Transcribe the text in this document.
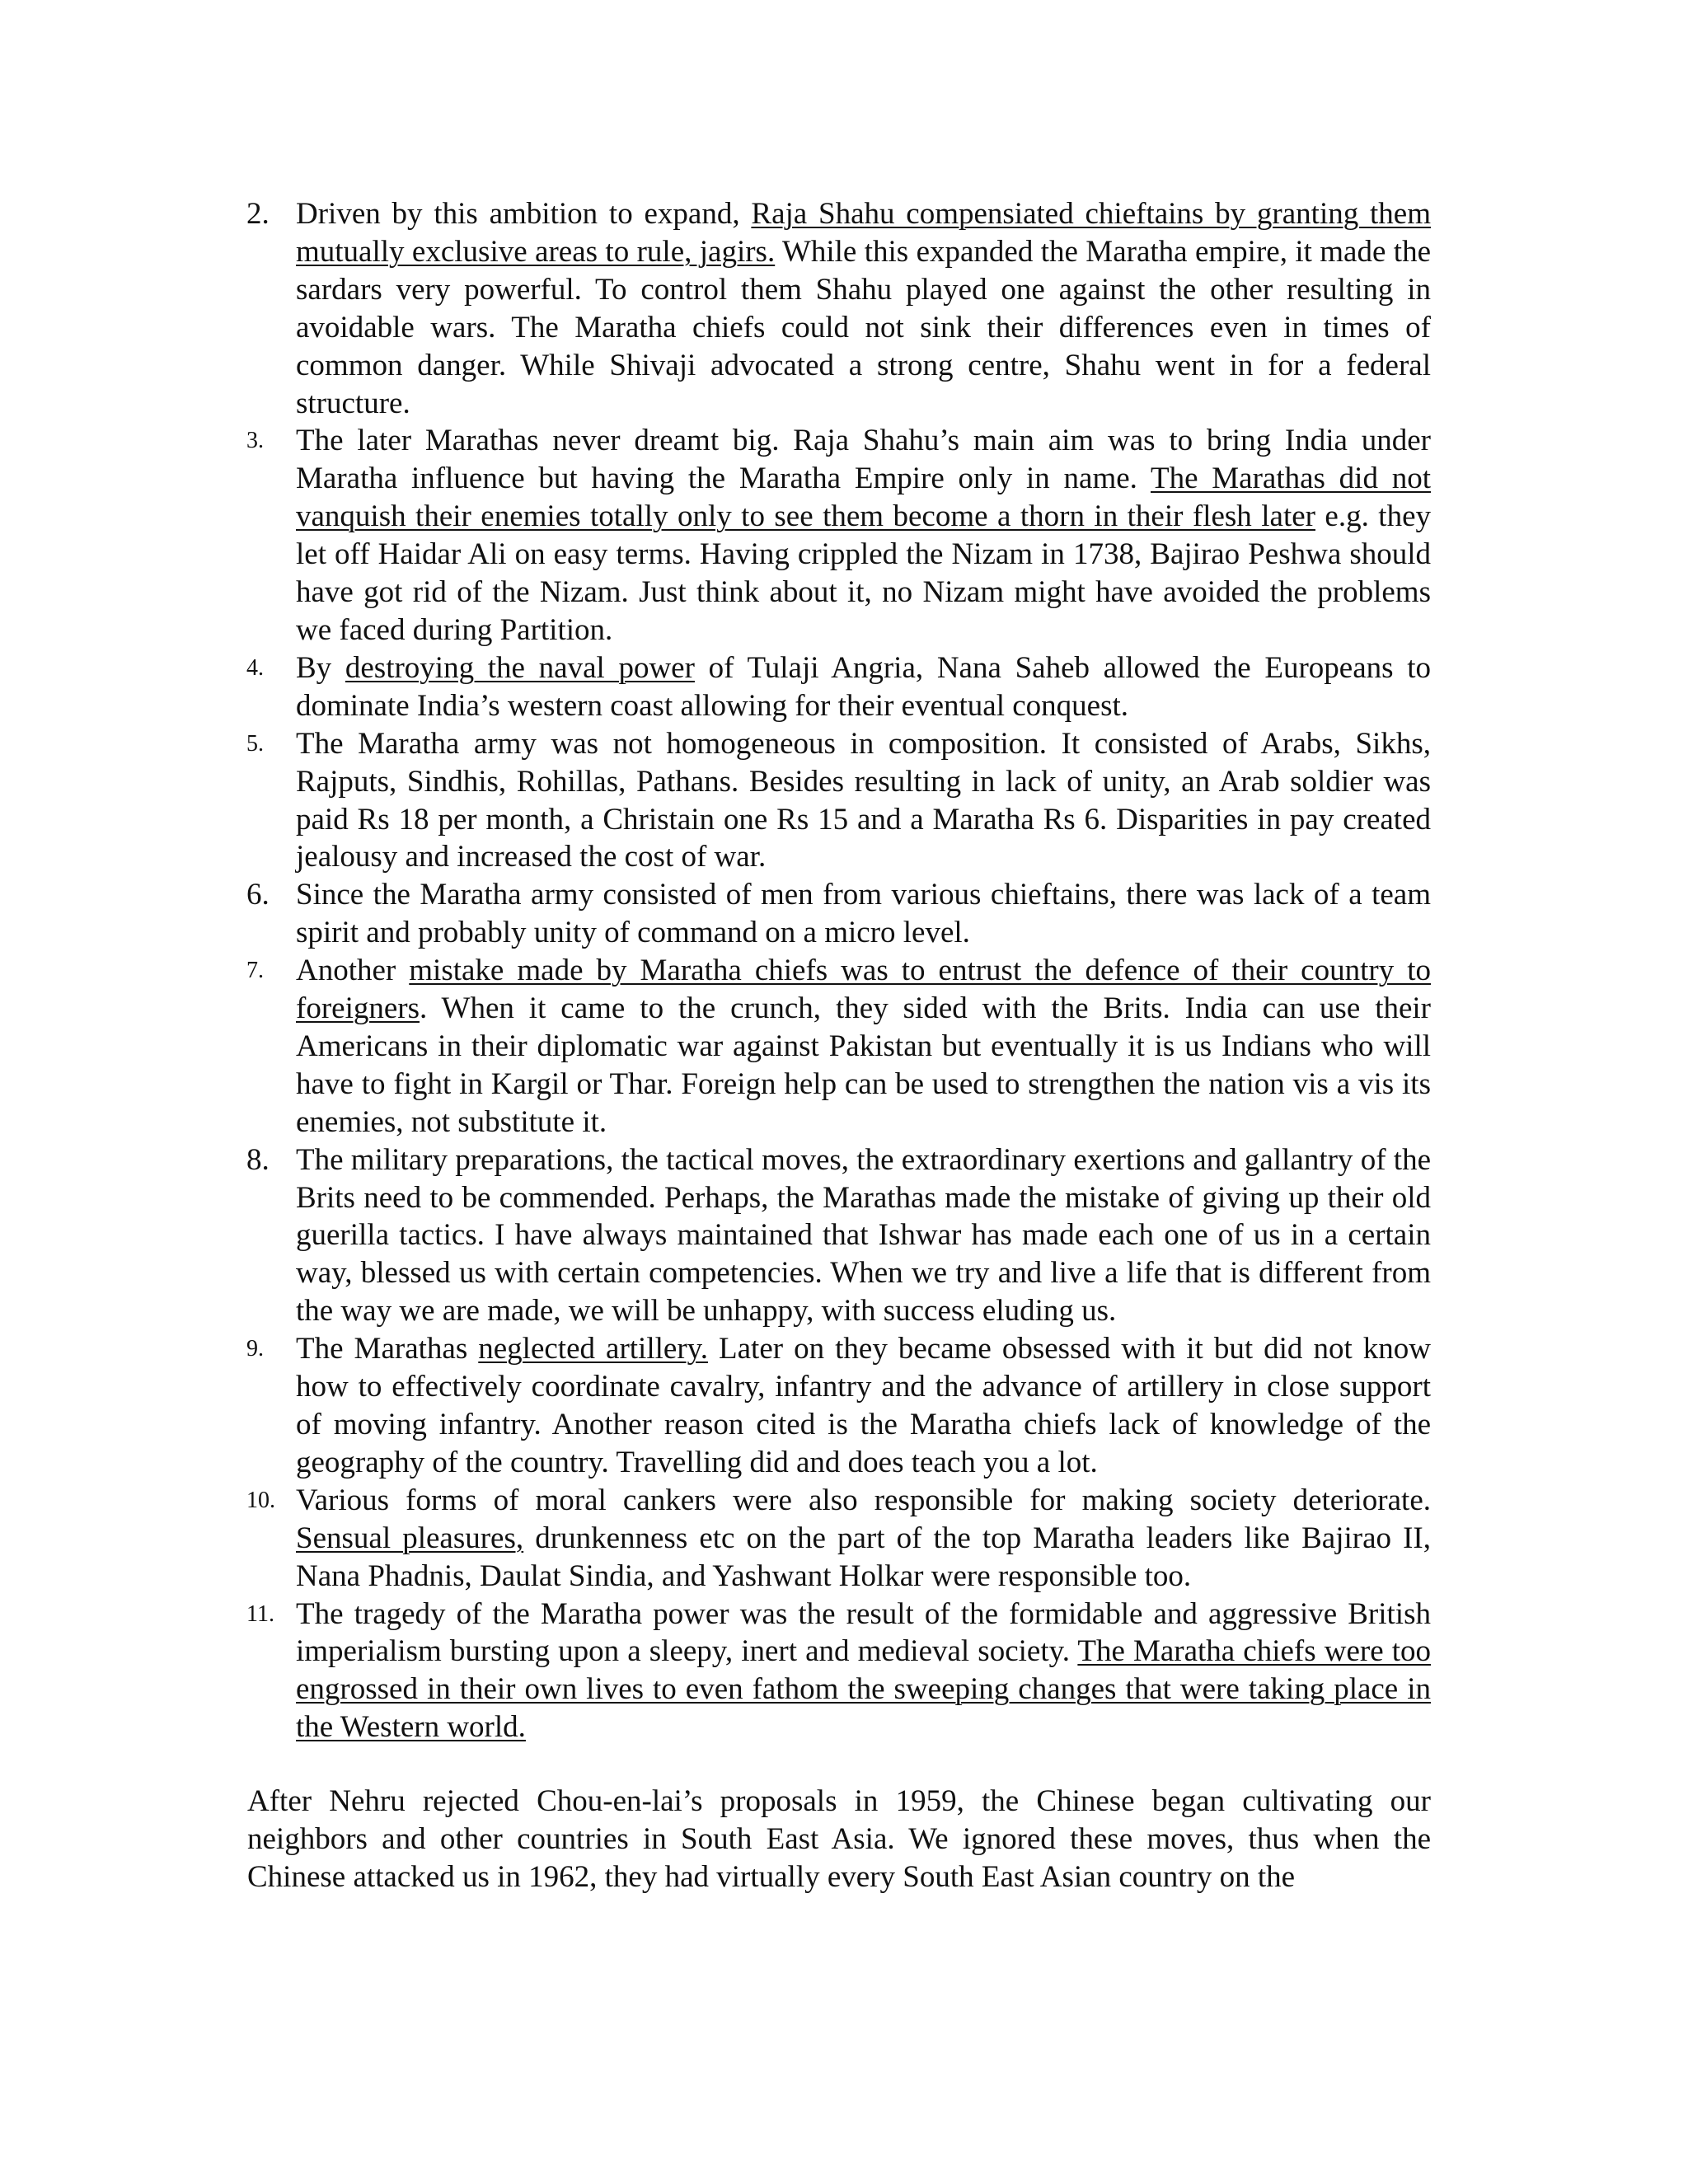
2. Driven by this ambition to expand, Raja Shahu compensiated chieftains by granting them mutually exclusive areas to rule, jagirs. While this expanded the Maratha empire, it made the sardars very powerful. To control them Shahu played one against the other resulting in avoidable wars. The Maratha chiefs could not sink their differences even in times of common danger. While Shivaji advocated a strong centre, Shahu went in for a federal structure.
3. The later Marathas never dreamt big. Raja Shahu’s main aim was to bring India under Maratha influence but having the Maratha Empire only in name. The Marathas did not vanquish their enemies totally only to see them become a thorn in their flesh later e.g. they let off Haidar Ali on easy terms. Having crippled the Nizam in 1738, Bajirao Peshwa should have got rid of the Nizam. Just think about it, no Nizam might have avoided the problems we faced during Partition.
4. By destroying the naval power of Tulaji Angria, Nana Saheb allowed the Europeans to dominate India’s western coast allowing for their eventual conquest.
5. The Maratha army was not homogeneous in composition. It consisted of Arabs, Sikhs, Rajputs, Sindhis, Rohillas, Pathans. Besides resulting in lack of unity, an Arab soldier was paid Rs 18 per month, a Christain one Rs 15 and a Maratha Rs 6. Disparities in pay created jealousy and increased the cost of war.
6. Since the Maratha army consisted of men from various chieftains, there was lack of a team spirit and probably unity of command on a micro level.
7. Another mistake made by Maratha chiefs was to entrust the defence of their country to foreigners. When it came to the crunch, they sided with the Brits. India can use their Americans in their diplomatic war against Pakistan but eventually it is us Indians who will have to fight in Kargil or Thar. Foreign help can be used to strengthen the nation vis a vis its enemies, not substitute it.
8. The military preparations, the tactical moves, the extraordinary exertions and gallantry of the Brits need to be commended. Perhaps, the Marathas made the mistake of giving up their old guerilla tactics. I have always maintained that Ishwar has made each one of us in a certain way, blessed us with certain competencies. When we try and live a life that is different from the way we are made, we will be unhappy, with success eluding us.
9. The Marathas neglected artillery. Later on they became obsessed with it but did not know how to effectively coordinate cavalry, infantry and the advance of artillery in close support of moving infantry. Another reason cited is the Maratha chiefs lack of knowledge of the geography of the country. Travelling did and does teach you a lot.
10. Various forms of moral cankers were also responsible for making society deteriorate. Sensual pleasures, drunkenness etc on the part of the top Maratha leaders like Bajirao II, Nana Phadnis, Daulat Sindia, and Yashwant Holkar were responsible too.
11. The tragedy of the Maratha power was the result of the formidable and aggressive British imperialism bursting upon a sleepy, inert and medieval society. The Maratha chiefs were too engrossed in their own lives to even fathom the sweeping changes that were taking place in the Western world.

After Nehru rejected Chou-en-lai’s proposals in 1959, the Chinese began cultivating our neighbors and other countries in South East Asia. We ignored these moves, thus when the Chinese attacked us in 1962, they had virtually every South East Asian country on the
